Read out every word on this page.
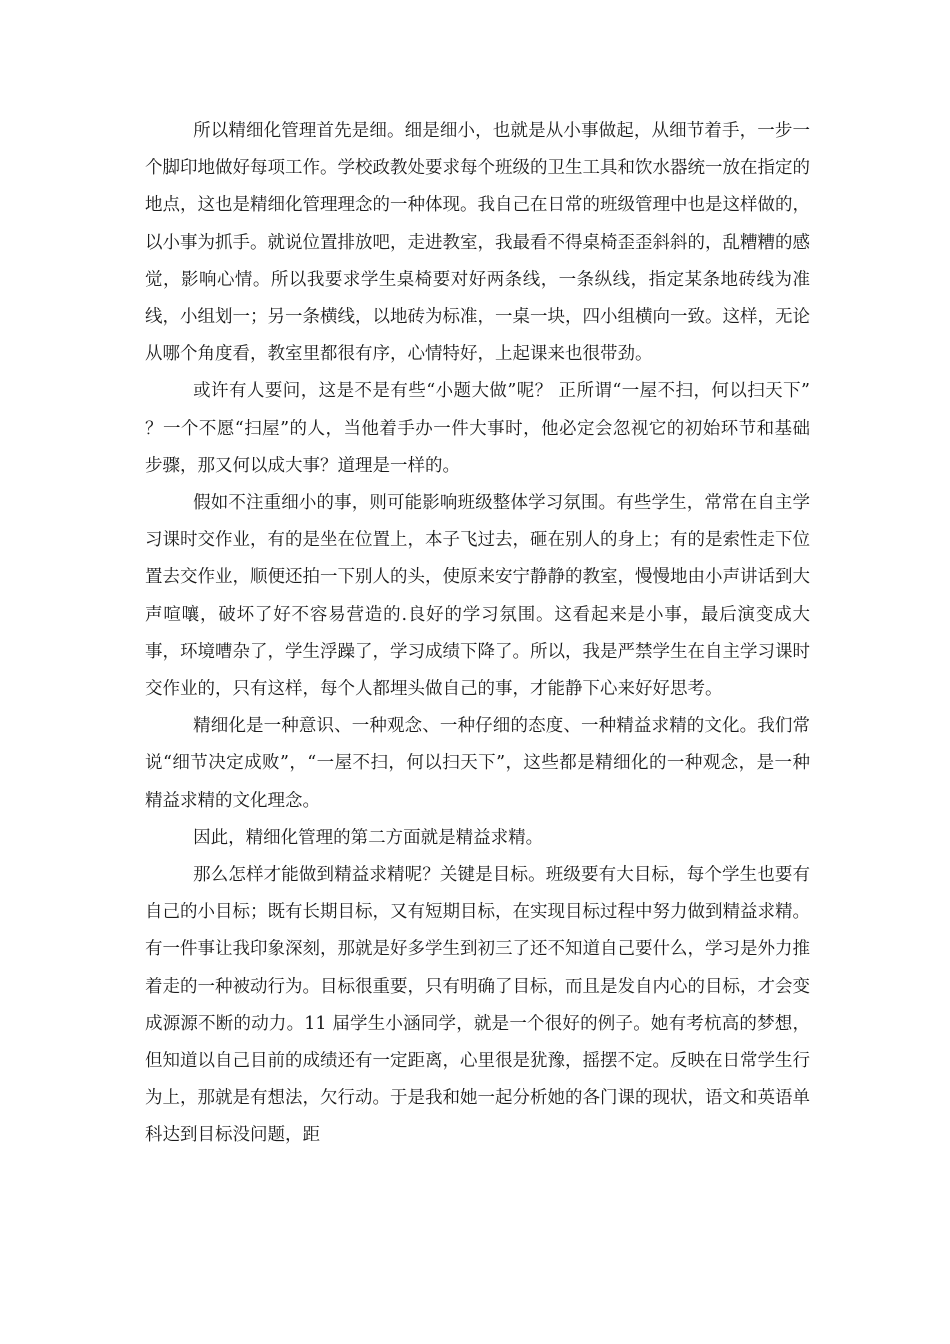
所以精细化管理首先是细。细是细小，也就是从小事做起，从细节着手，一步一个脚印地做好每项工作。学校政教处要求每个班级的卫生工具和饮水器统一放在指定的地点，这也是精细化管理理念的一种体现。我自己在日常的班级管理中也是这样做的，以小事为抓手。就说位置排放吧，走进教室，我最看不得桌椅歪歪斜斜的，乱糟糟的感觉，影响心情。所以我要求学生桌椅要对好两条线，一条纵线，指定某条地砖线为准线，小组划一；另一条横线，以地砖为标准，一桌一块，四小组横向一致。这样，无论从哪个角度看，教室里都很有序，心情特好，上起课来也很带劲。

或许有人要问，这是不是有些“小题大做”呢？ 正所谓“一屋不扫，何以扫天下” ？一个不愿“扫屋”的人，当他着手办一件大事时，他必定会忽视它的初始环节和基础步骤，那又何以成大事？道理是一样的。

假如不注重细小的事，则可能影响班级整体学习氛围。有些学生，常常在自主学习课时交作业，有的是坐在位置上，本子飞过去，砸在别人的身上；有的是索性走下位置去交作业，顺便还拍一下别人的头，使原来安宁静静的教室，慢慢地由小声讲话到大声喧嚷，破坏了好不容易营造的.良好的学习氛围。这看起来是小事，最后演变成大事，环境嘈杂了，学生浮躁了，学习成绩下降了。所以，我是严禁学生在自主学习课时交作业的，只有这样，每个人都埋头做自己的事，才能静下心来好好思考。

精细化是一种意识、一种观念、一种仔细的态度、一种精益求精的文化。我们常说“细节决定成败”，“一屋不扫，何以扫天下”，这些都是精细化的一种观念，是一种精益求精的文化理念。

因此，精细化管理的第二方面就是精益求精。

那么怎样才能做到精益求精呢？关键是目标。班级要有大目标，每个学生也要有自己的小目标；既有长期目标，又有短期目标，在实现目标过程中努力做到精益求精。有一件事让我印象深刻，那就是好多学生到初三了还不知道自己要什么，学习是外力推着走的一种被动行为。目标很重要，只有明确了目标，而且是发自内心的目标，才会变成源源不断的动力。11 届学生小涵同学，就是一个很好的例子。她有考杭高的梦想，但知道以自己目前的成绩还有一定距离，心里很是犹豫，摇摆不定。反映在日常学生行为上，那就是有想法，欠行动。于是我和她一起分析她的各门课的现状，语文和英语单科达到目标没问题，距
